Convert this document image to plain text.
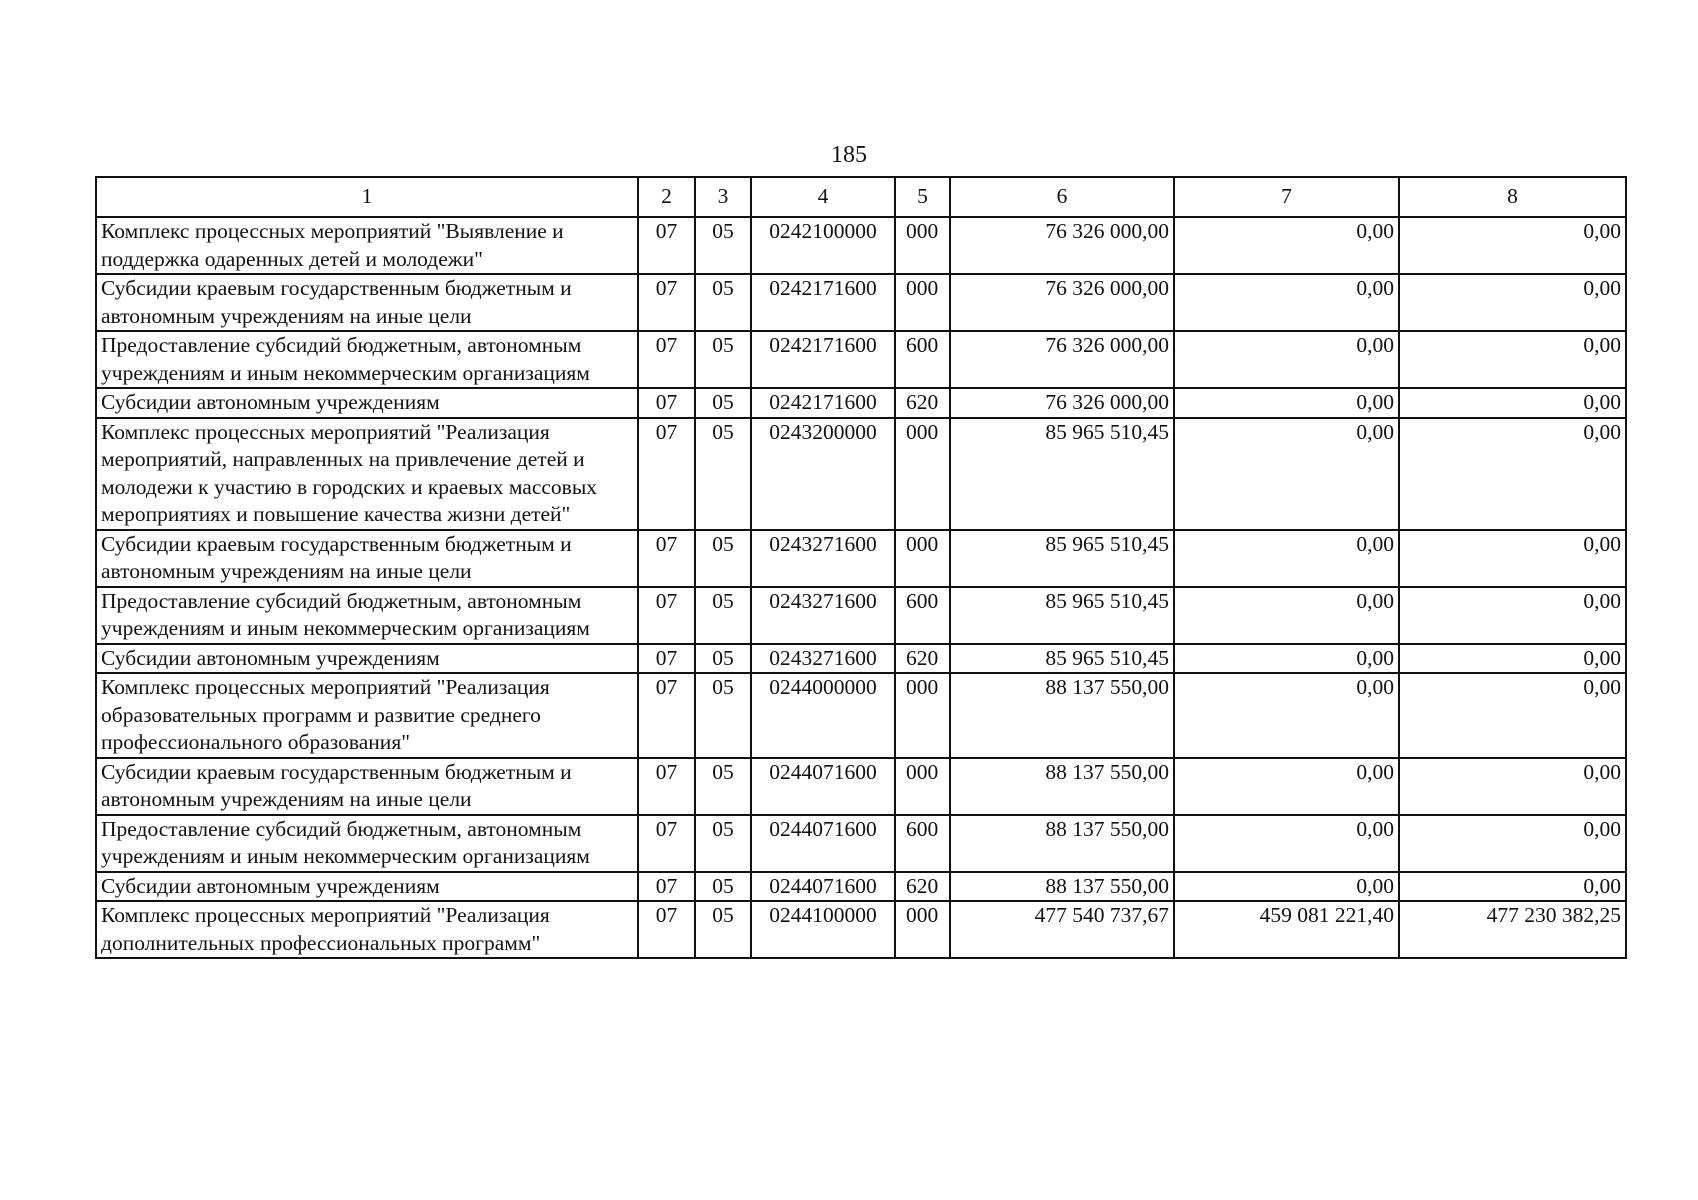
185
1	2	3	4	5	6	7	8
Комплекс процессных мероприятий "Выявление и поддержка одаренных детей и молодежи"	07	05	0242100000	000	76 326 000,00	0,00	0,00
Субсидии краевым государственным бюджетным и автономным учреждениям на иные цели	07	05	0242171600	000	76 326 000,00	0,00	0,00
Предоставление субсидий бюджетным, автономным учреждениям и иным некоммерческим организациям	07	05	0242171600	600	76 326 000,00	0,00	0,00
Субсидии автономным учреждениям	07	05	0242171600	620	76 326 000,00	0,00	0,00
Комплекс процессных мероприятий "Реализация мероприятий, направленных на привлечение детей и молодежи к участию в городских и краевых массовых мероприятиях и повышение качества жизни детей"	07	05	0243200000	000	85 965 510,45	0,00	0,00
Субсидии краевым государственным бюджетным и автономным учреждениям на иные цели	07	05	0243271600	000	85 965 510,45	0,00	0,00
Предоставление субсидий бюджетным, автономным учреждениям и иным некоммерческим организациям	07	05	0243271600	600	85 965 510,45	0,00	0,00
Субсидии автономным учреждениям	07	05	0243271600	620	85 965 510,45	0,00	0,00
Комплекс процессных мероприятий "Реализация образовательных программ и развитие среднего профессионального образования"	07	05	0244000000	000	88 137 550,00	0,00	0,00
Субсидии краевым государственным бюджетным и автономным учреждениям на иные цели	07	05	0244071600	000	88 137 550,00	0,00	0,00
Предоставление субсидий бюджетным, автономным учреждениям и иным некоммерческим организациям	07	05	0244071600	600	88 137 550,00	0,00	0,00
Субсидии автономным учреждениям	07	05	0244071600	620	88 137 550,00	0,00	0,00
Комплекс процессных мероприятий "Реализация дополнительных профессиональных программ"	07	05	0244100000	000	477 540 737,67	459 081 221,40	477 230 382,25
